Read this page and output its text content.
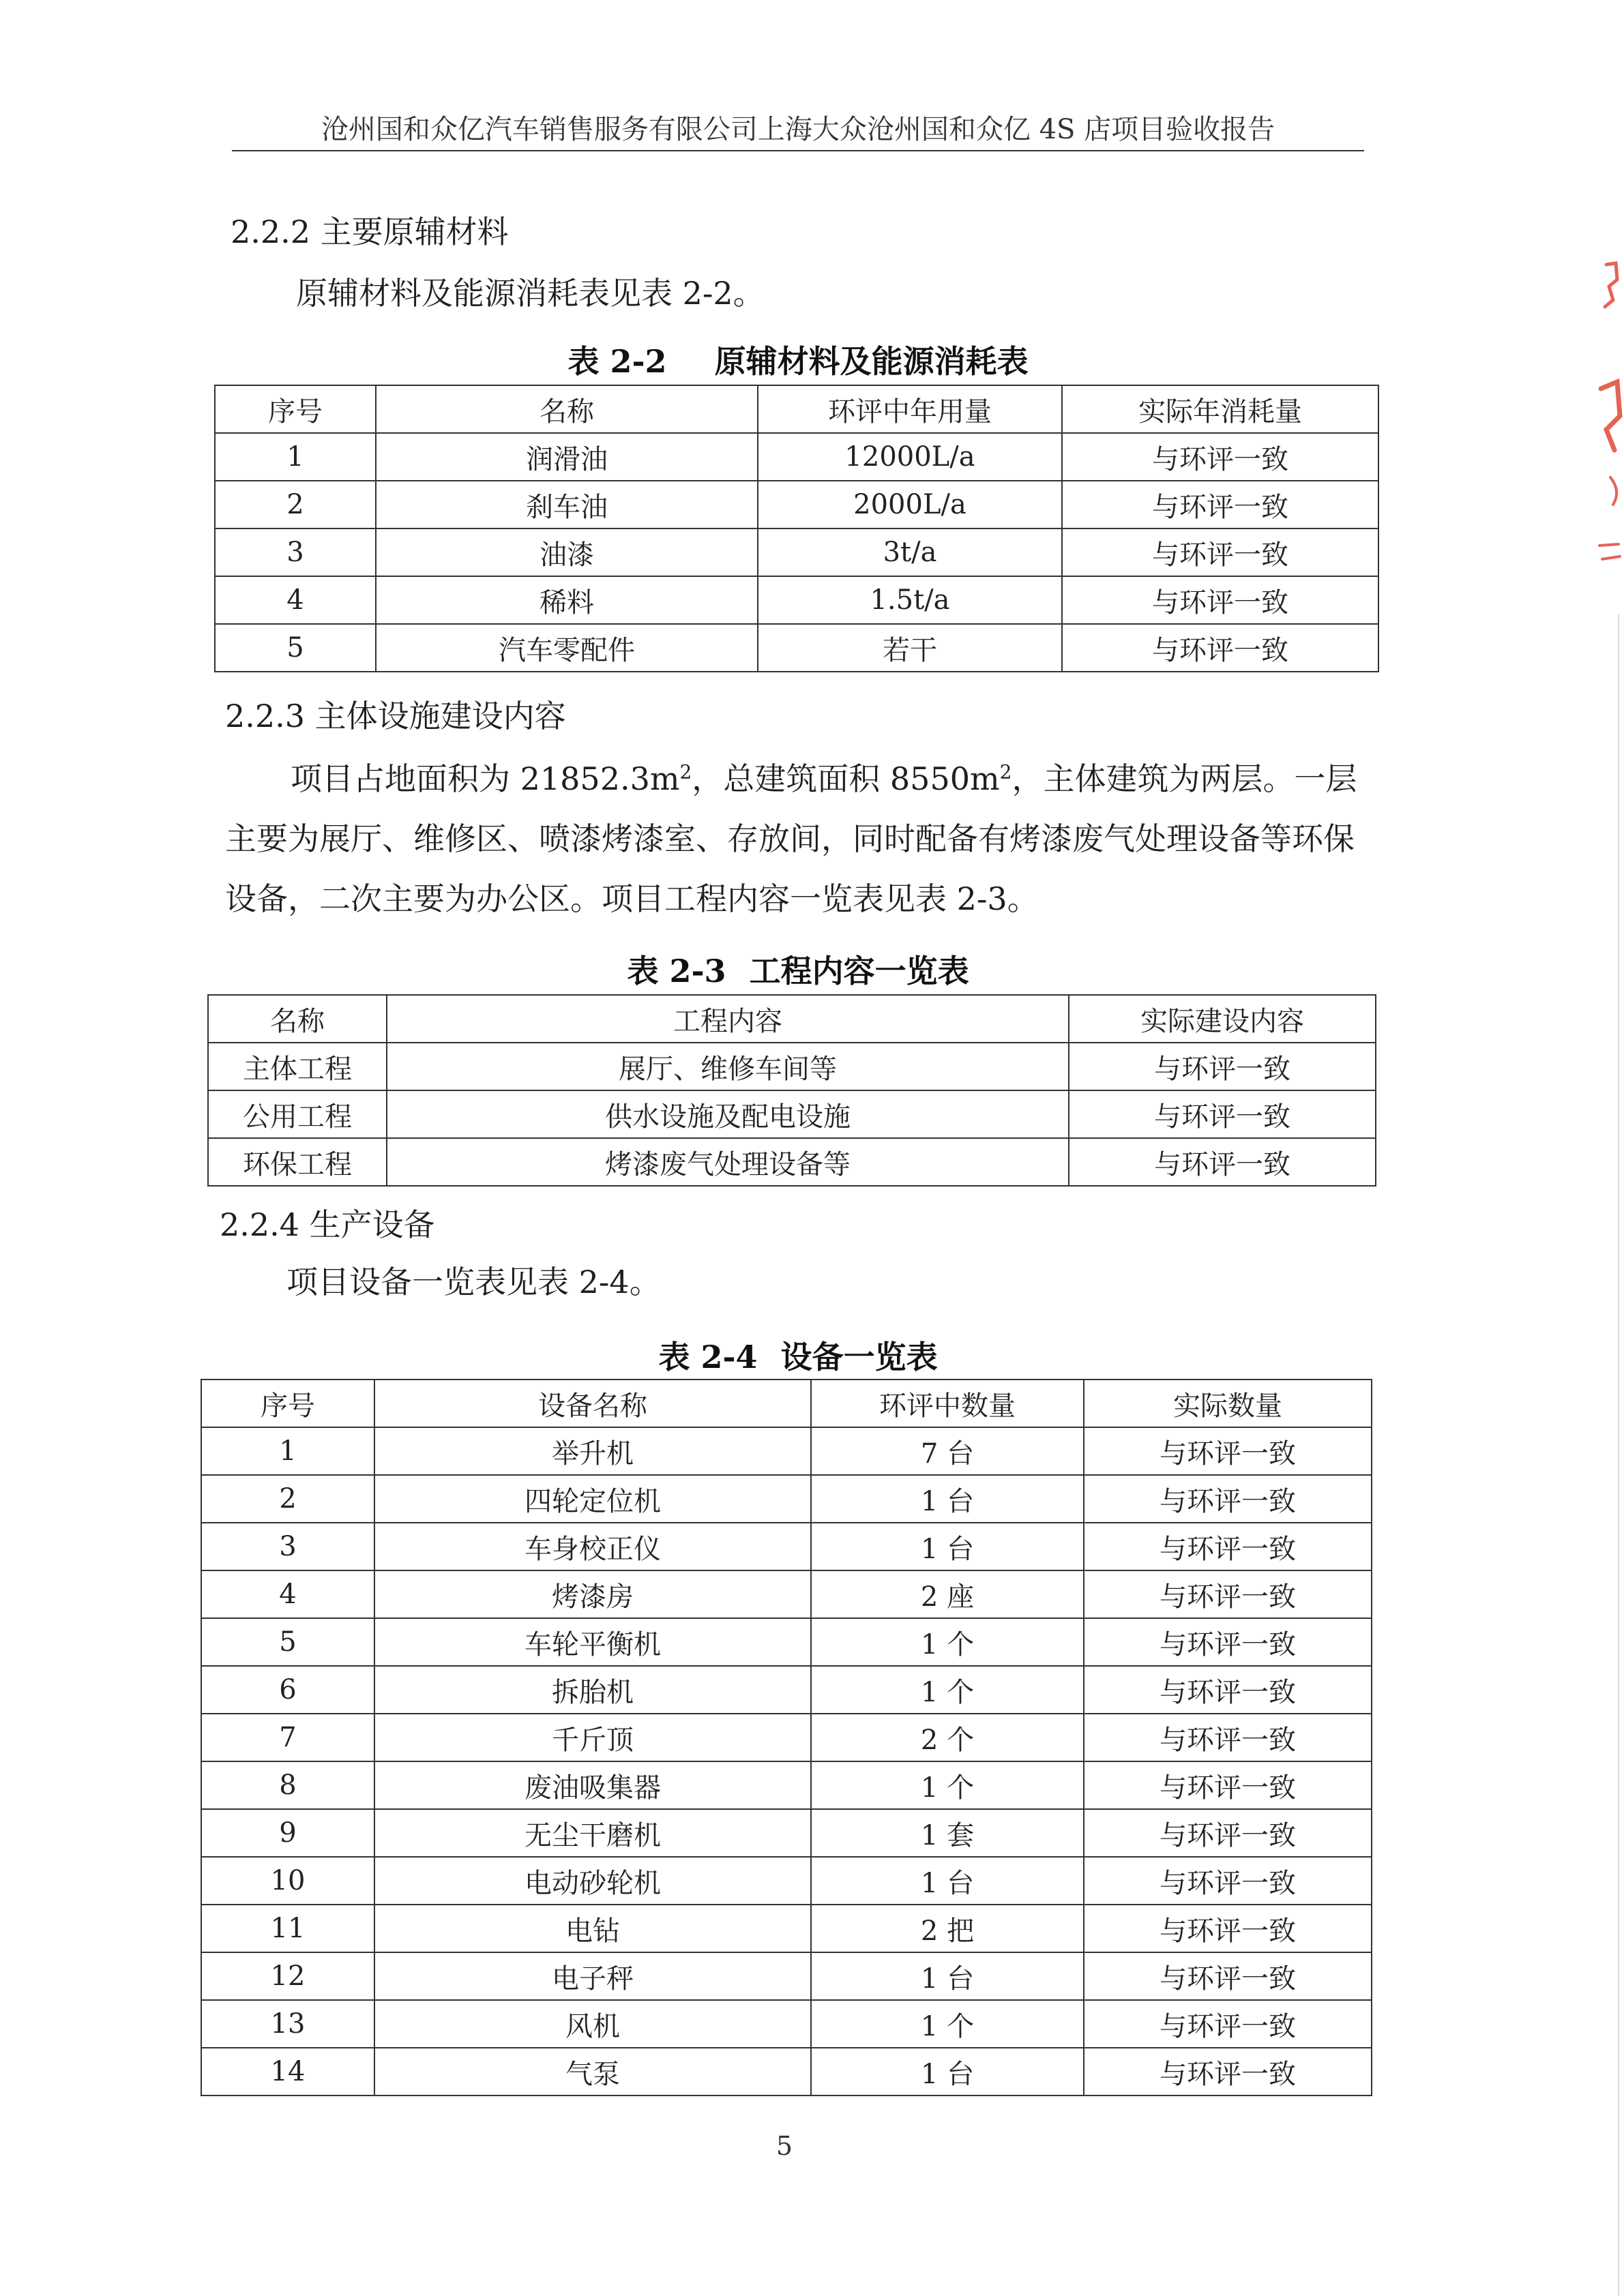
沧州国和众亿汽车销售服务有限公司上海大众沧州国和众亿 4S 店项目验收报告
2.2.2 主要原辅材料
原辅材料及能源消耗表见表 2-2。
表 2-2 原辅材料及能源消耗表
序号	名称	环评中年用量	实际年消耗量
1	润滑油	12000L/a	与环评一致
2	刹车油	2000L/a	与环评一致
3	油漆	3t/a	与环评一致
4	稀料	1.5t/a	与环评一致
5	汽车零配件	若干	与环评一致
2.2.3 主体设施建设内容
项目占地面积为 $21852.3m^2$，总建筑面积 $8550m^2$，主体建筑为两层。一层主要为展厅、维修区、喷漆烤漆室、存放间，同时配备有烤漆废气处理设备等环保设备，二次主要为办公区。项目工程内容一览表见表 2-3。
表 2-3 工程内容一览表
名称	工程内容	实际建设内容
主体工程	展厅、维修车间等	与环评一致
公用工程	供水设施及配电设施	与环评一致
环保工程	烤漆废气处理设备等	与环评一致
2.2.4 生产设备
项目设备一览表见表 2-4。
表 2-4 设备一览表
序号	设备名称	环评中数量	实际数量
1	举升机	7 台	与环评一致
2	四轮定位机	1 台	与环评一致
3	车身校正仪	1 台	与环评一致
4	烤漆房	2 座	与环评一致
5	车轮平衡机	1 个	与环评一致
6	拆胎机	1 个	与环评一致
7	千斤顶	2 个	与环评一致
8	废油吸集器	1 个	与环评一致
9	无尘干磨机	1 套	与环评一致
10	电动砂轮机	1 台	与环评一致
11	电钻	2 把	与环评一致
12	电子秤	1 台	与环评一致
13	风机	1 个	与环评一致
14	气泵	1 台	与环评一致
5
